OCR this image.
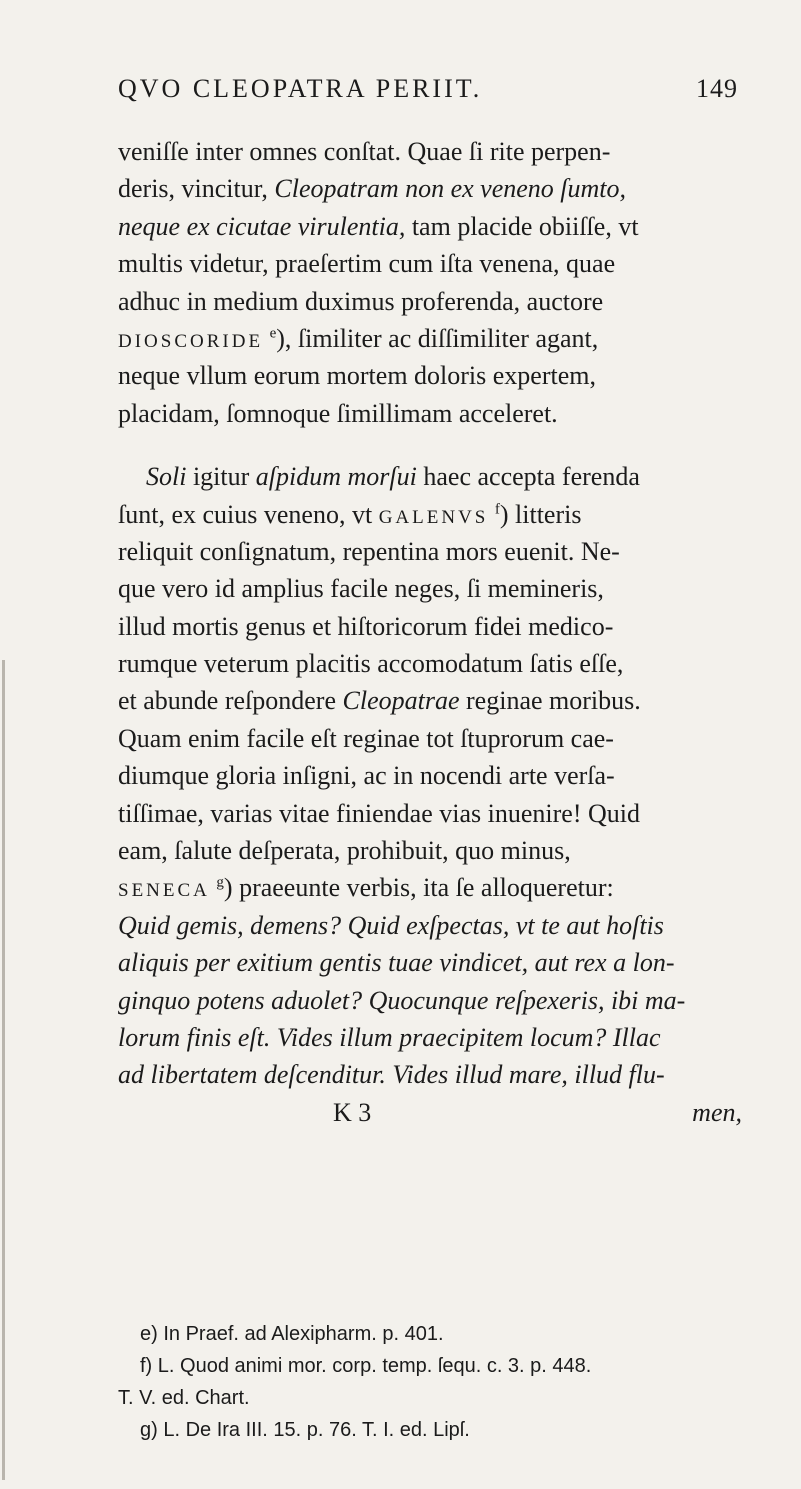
QVO CLEOPATRA PERIIT.	149
veniſſe inter omnes conſtat. Quae ſi rite perpen-
deris, vincitur, Cleopatram non ex veneno ſumto,
neque ex cicutae virulentia, tam placide obiiſſe, vt
multis videtur, praeſertim cum iſta venena, quae
adhuc in medium duximus proferenda, auctore
DIOSCORIDE $^e$), ſimiliter ac diſſimiliter agant,
neque vllum eorum mortem doloris expertem,
placidam, ſomnoque ſimillimam acceleret.
Soli igitur aſpidum morſui haec accepta ferenda
ſunt, ex cuius veneno, vt GALENVS $^f$) litteris
reliquit conſignatum, repentina mors euenit. Ne-
que vero id amplius facile neges, ſi memineris,
illud mortis genus et hiſtoricorum fidei medico-
rumque veterum placitis accomodatum ſatis eſſe,
et abunde reſpondere Cleopatrae reginae moribus.
Quam enim facile eſt reginae tot ſtuprorum cae-
diumque gloria inſigni, ac in nocendi arte verſa-
tiſſimae, varias vitae finiendae vias inuenire! Quid
eam, ſalute deſperata, prohibuit, quo minus,
SENECA $^g$) praeeunte verbis, ita ſe alloqueretur:
Quid gemis, demens? Quid exſpectas, vt te aut hoſtis
aliquis per exitium gentis tuae vindicet, aut rex a lon-
ginquo potens aduolet? Quocunque reſpexeris, ibi ma-
lorum finis eſt. Vides illum praecipitem locum? Illac
ad libertatem deſcenditur. Vides illud mare, illud flu-
K 3	men,
e) In Praef. ad Alexipharm. p. 401.
f) L. Quod animi mor. corp. temp. ſequ. c. 3. p. 448.
T. V. ed. Chart.
g) L. De Ira III. 15. p. 76. T. I. ed. Lipſ.
